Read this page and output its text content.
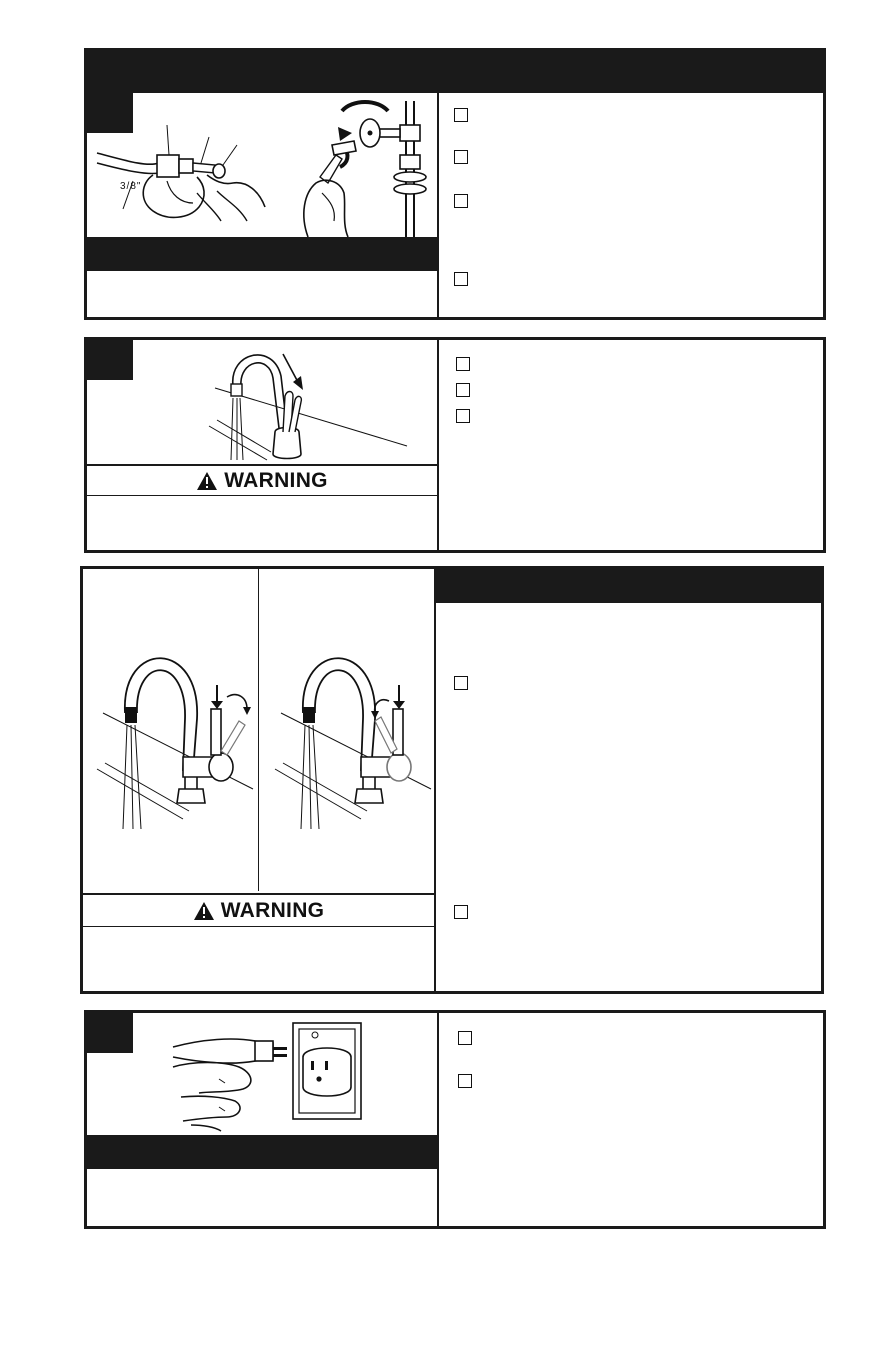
3/8"
WARNING
WARNING
